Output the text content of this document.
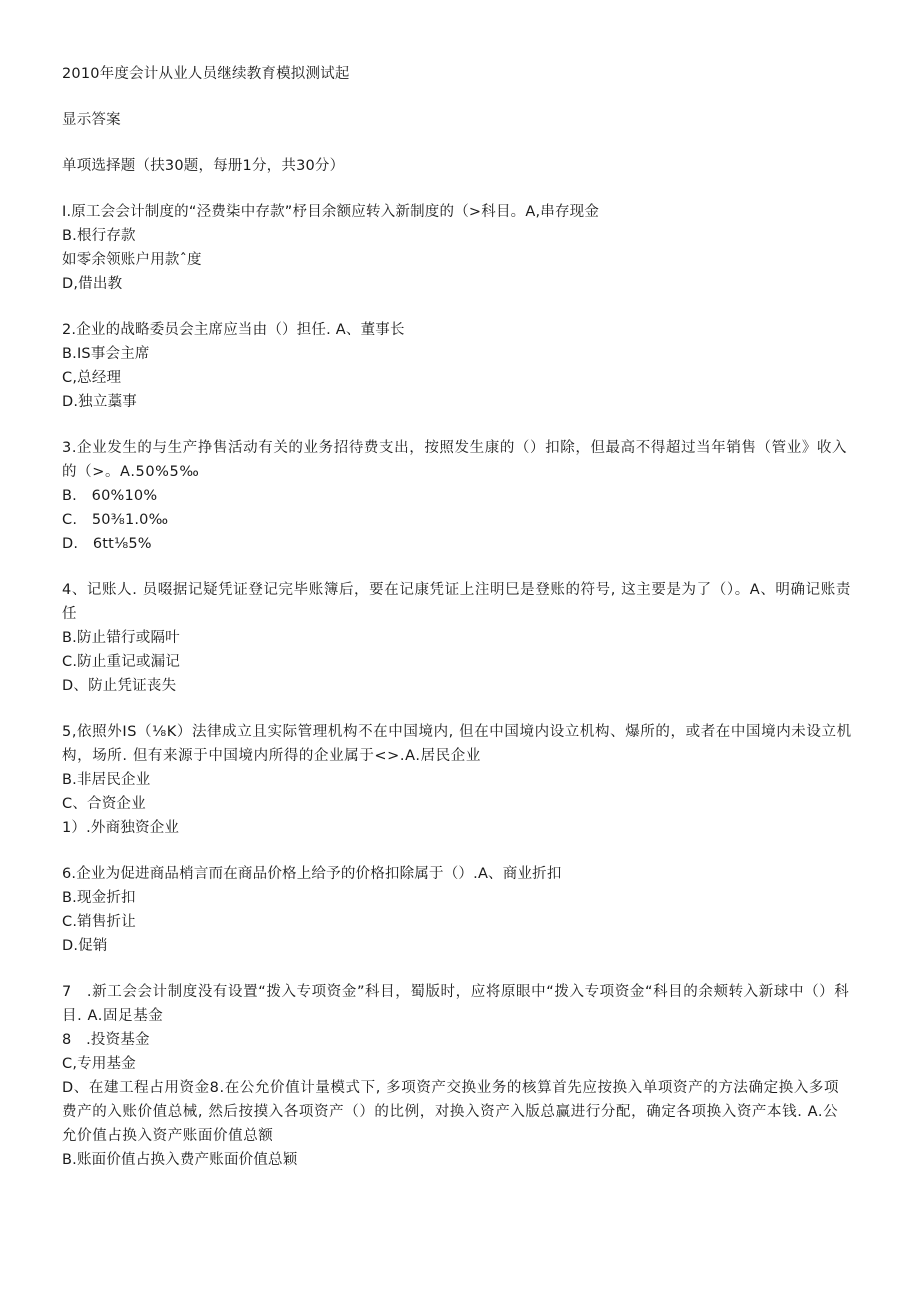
2010年度会计从业人员继续教育模拟测试起
显示答案
单项选择题（扶30题，每册1分，共30分）
I.原工会会计制度的“泾费柒中存款”杼目余额应转入新制度的（>科目。A,串存现金
B.根行存款
如零余领账户用款ˆ度
D,借出教
2.企业的战略委员会主席应当由（）担任. A、董事长
B.IS事会主席
C,总经理
D.独立藁事
3.企业发生的与生产挣售活动有关的业务招待费支出，按照发生康的（）扣除，但最高不得超过当年销售（管业》收入的（>。A.50%5‰
B.　60%10%
C.　50⅜1.0‰
D.　6tt⅛5%
4、记账人. 员啜据记疑凭证登记完毕账簿后，要在记康凭证上注明巳是登账的符号, 这主要是为了（）。A、明确记账责任
B.防止错行或隔叶
C.防止重记或漏记
D、防止凭证丧失
5,依照外IS（⅛K）法律成立且实际管理机构不在中国境内, 但在中国境内设立机构、爆所的，或者在中国境内未设立机构，场所. 但有来源于中国境内所得的企业属于<>.A.居民企业
B.非居民企业
C、合资企业
1）.外商独资企业
6.企业为促进商品梢言而在商品价格上给予的价格扣除属于（）.A、商业折扣
B.现金折扣
C.销售折让
D.促销
7　.新工会会计制度没有设置“拨入专项资金”科目，蜀版时，应将原眼中“拨入专项资金“科目的余颊转入新球中（）科目. A.固足基金
8　.投资基金
C,专用基金
D、在建工程占用资金8.在公允价值计量模式下, 多项资产交换业务的核算首先应按换入单项资产的方法确定换入多项费产的入账价值总械, 然后按摸入各项资产（）的比例，对换入资产入版总赢进行分配，确定各项换入资产本钱. A.公允价值占换入资产账面价值总额
B.账面价值占换入费产账面价值总颖
